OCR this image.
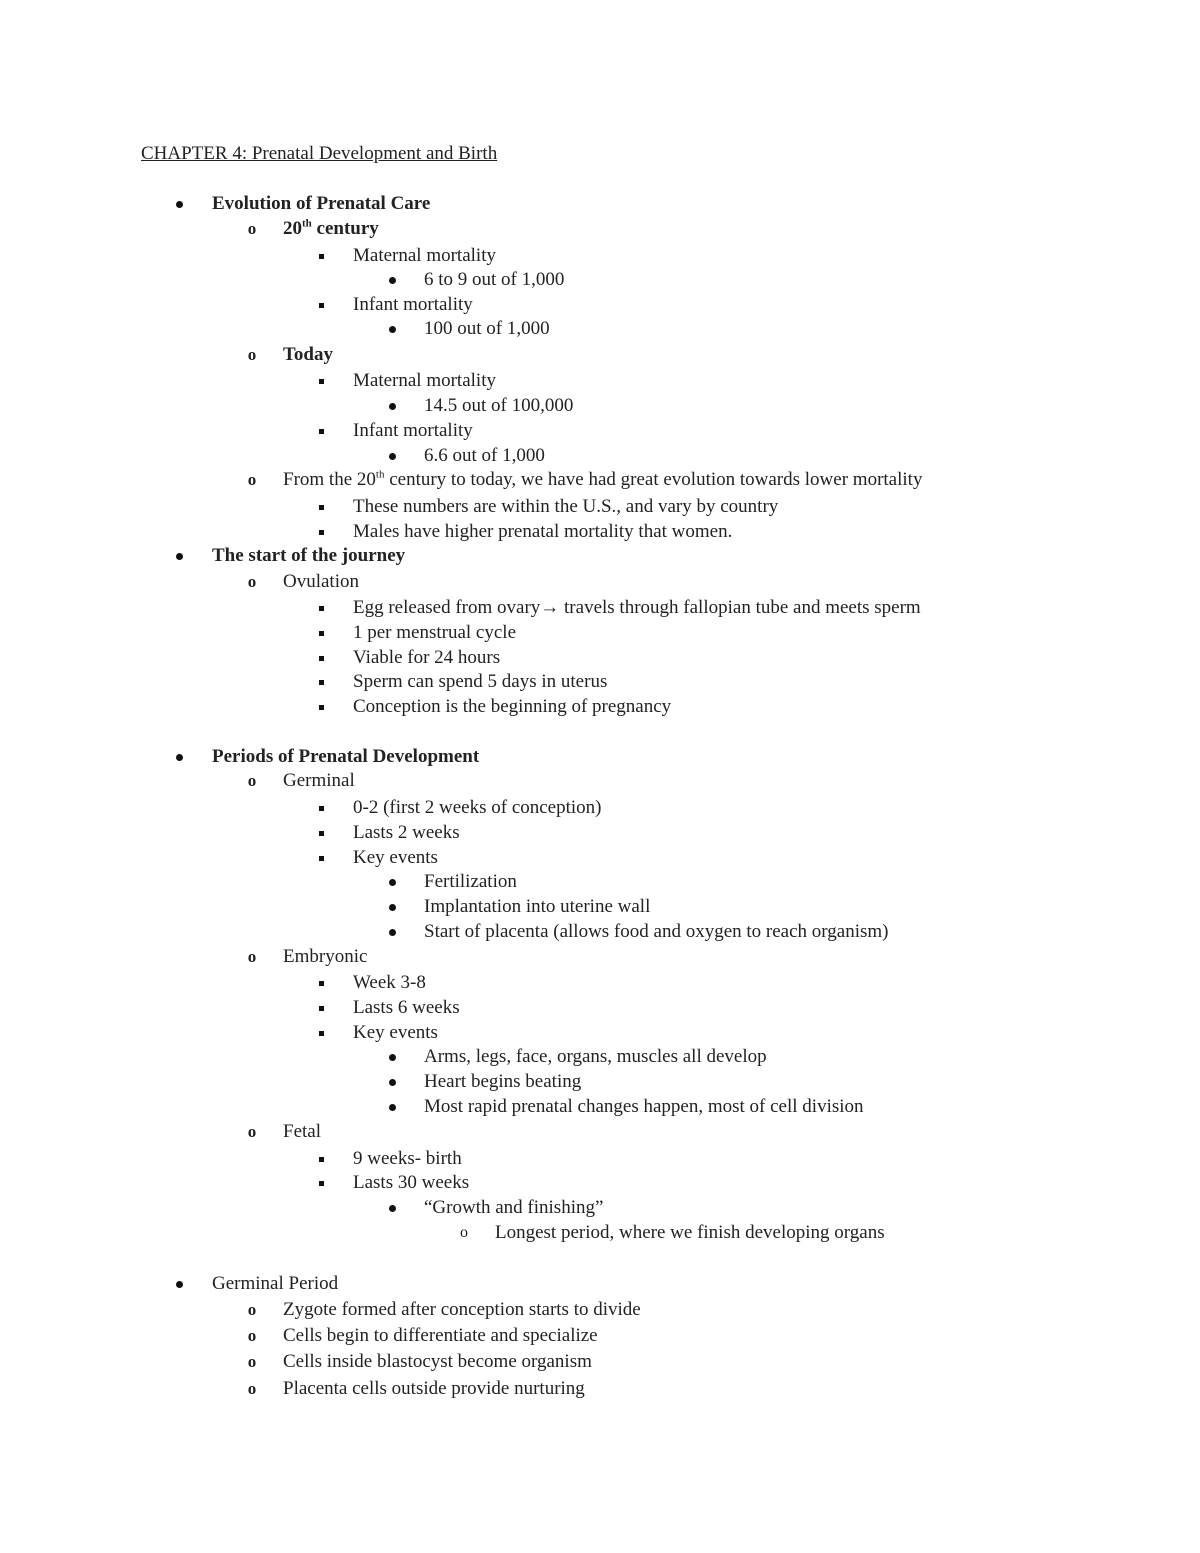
CHAPTER 4: Prenatal Development and Birth
Evolution of Prenatal Care
o 20th century
Maternal mortality
6 to 9 out of 1,000
Infant mortality
100 out of 1,000
o Today
Maternal mortality
14.5 out of 100,000
Infant mortality
6.6 out of 1,000
o From the 20th century to today, we have had great evolution towards lower mortality
These numbers are within the U.S., and vary by country
Males have higher prenatal mortality that women.
The start of the journey
o Ovulation
Egg released from ovary→ travels through fallopian tube and meets sperm
1 per menstrual cycle
Viable for 24 hours
Sperm can spend 5 days in uterus
Conception is the beginning of pregnancy
Periods of Prenatal Development
o Germinal
0-2 (first 2 weeks of conception)
Lasts 2 weeks
Key events
Fertilization
Implantation into uterine wall
Start of placenta (allows food and oxygen to reach organism)
o Embryonic
Week 3-8
Lasts 6 weeks
Key events
Arms, legs, face, organs, muscles all develop
Heart begins beating
Most rapid prenatal changes happen, most of cell division
o Fetal
9 weeks- birth
Lasts 30 weeks
“Growth and finishing”
o Longest period, where we finish developing organs
Germinal Period
o Zygote formed after conception starts to divide
o Cells begin to differentiate and specialize
o Cells inside blastocyst become organism
o Placenta cells outside provide nurturing
